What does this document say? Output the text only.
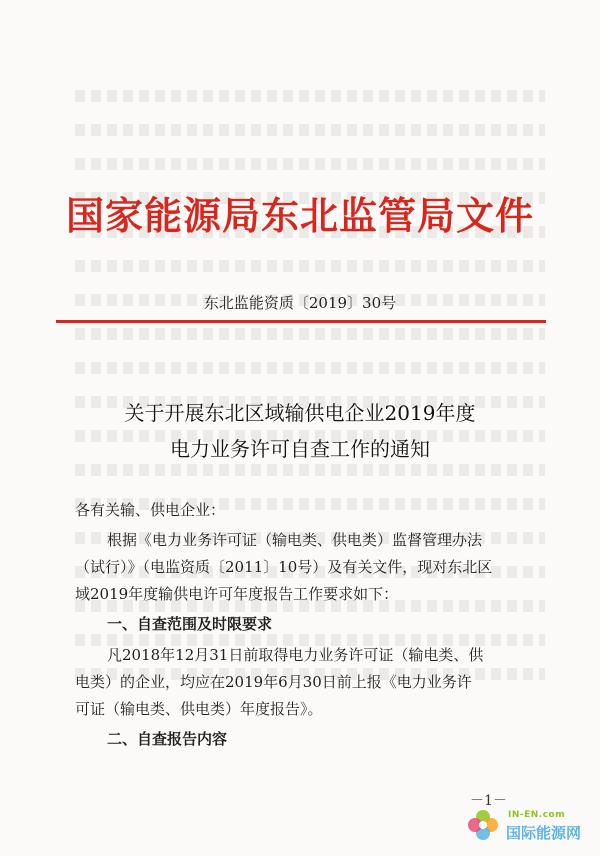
国家能源局东北监管局文件
东北监能资质〔2019〕30号
关于开展东北区域输供电企业2019年度
电力业务许可自查工作的通知
各有关输、供电企业：
根据《电力业务许可证（输电类、供电类）监督管理办法
（试行）》（电监资质〔2011〕10号）及有关文件，现对东北区
域2019年度输供电许可年度报告工作要求如下：
一、自查范围及时限要求
凡2018年12月31日前取得电力业务许可证（输电类、供
电类）的企业，均应在2019年6月30日前上报《电力业务许
可证（输电类、供电类）年度报告》。
二、自查报告内容
－1－
IN-EN.com
国际能源网
